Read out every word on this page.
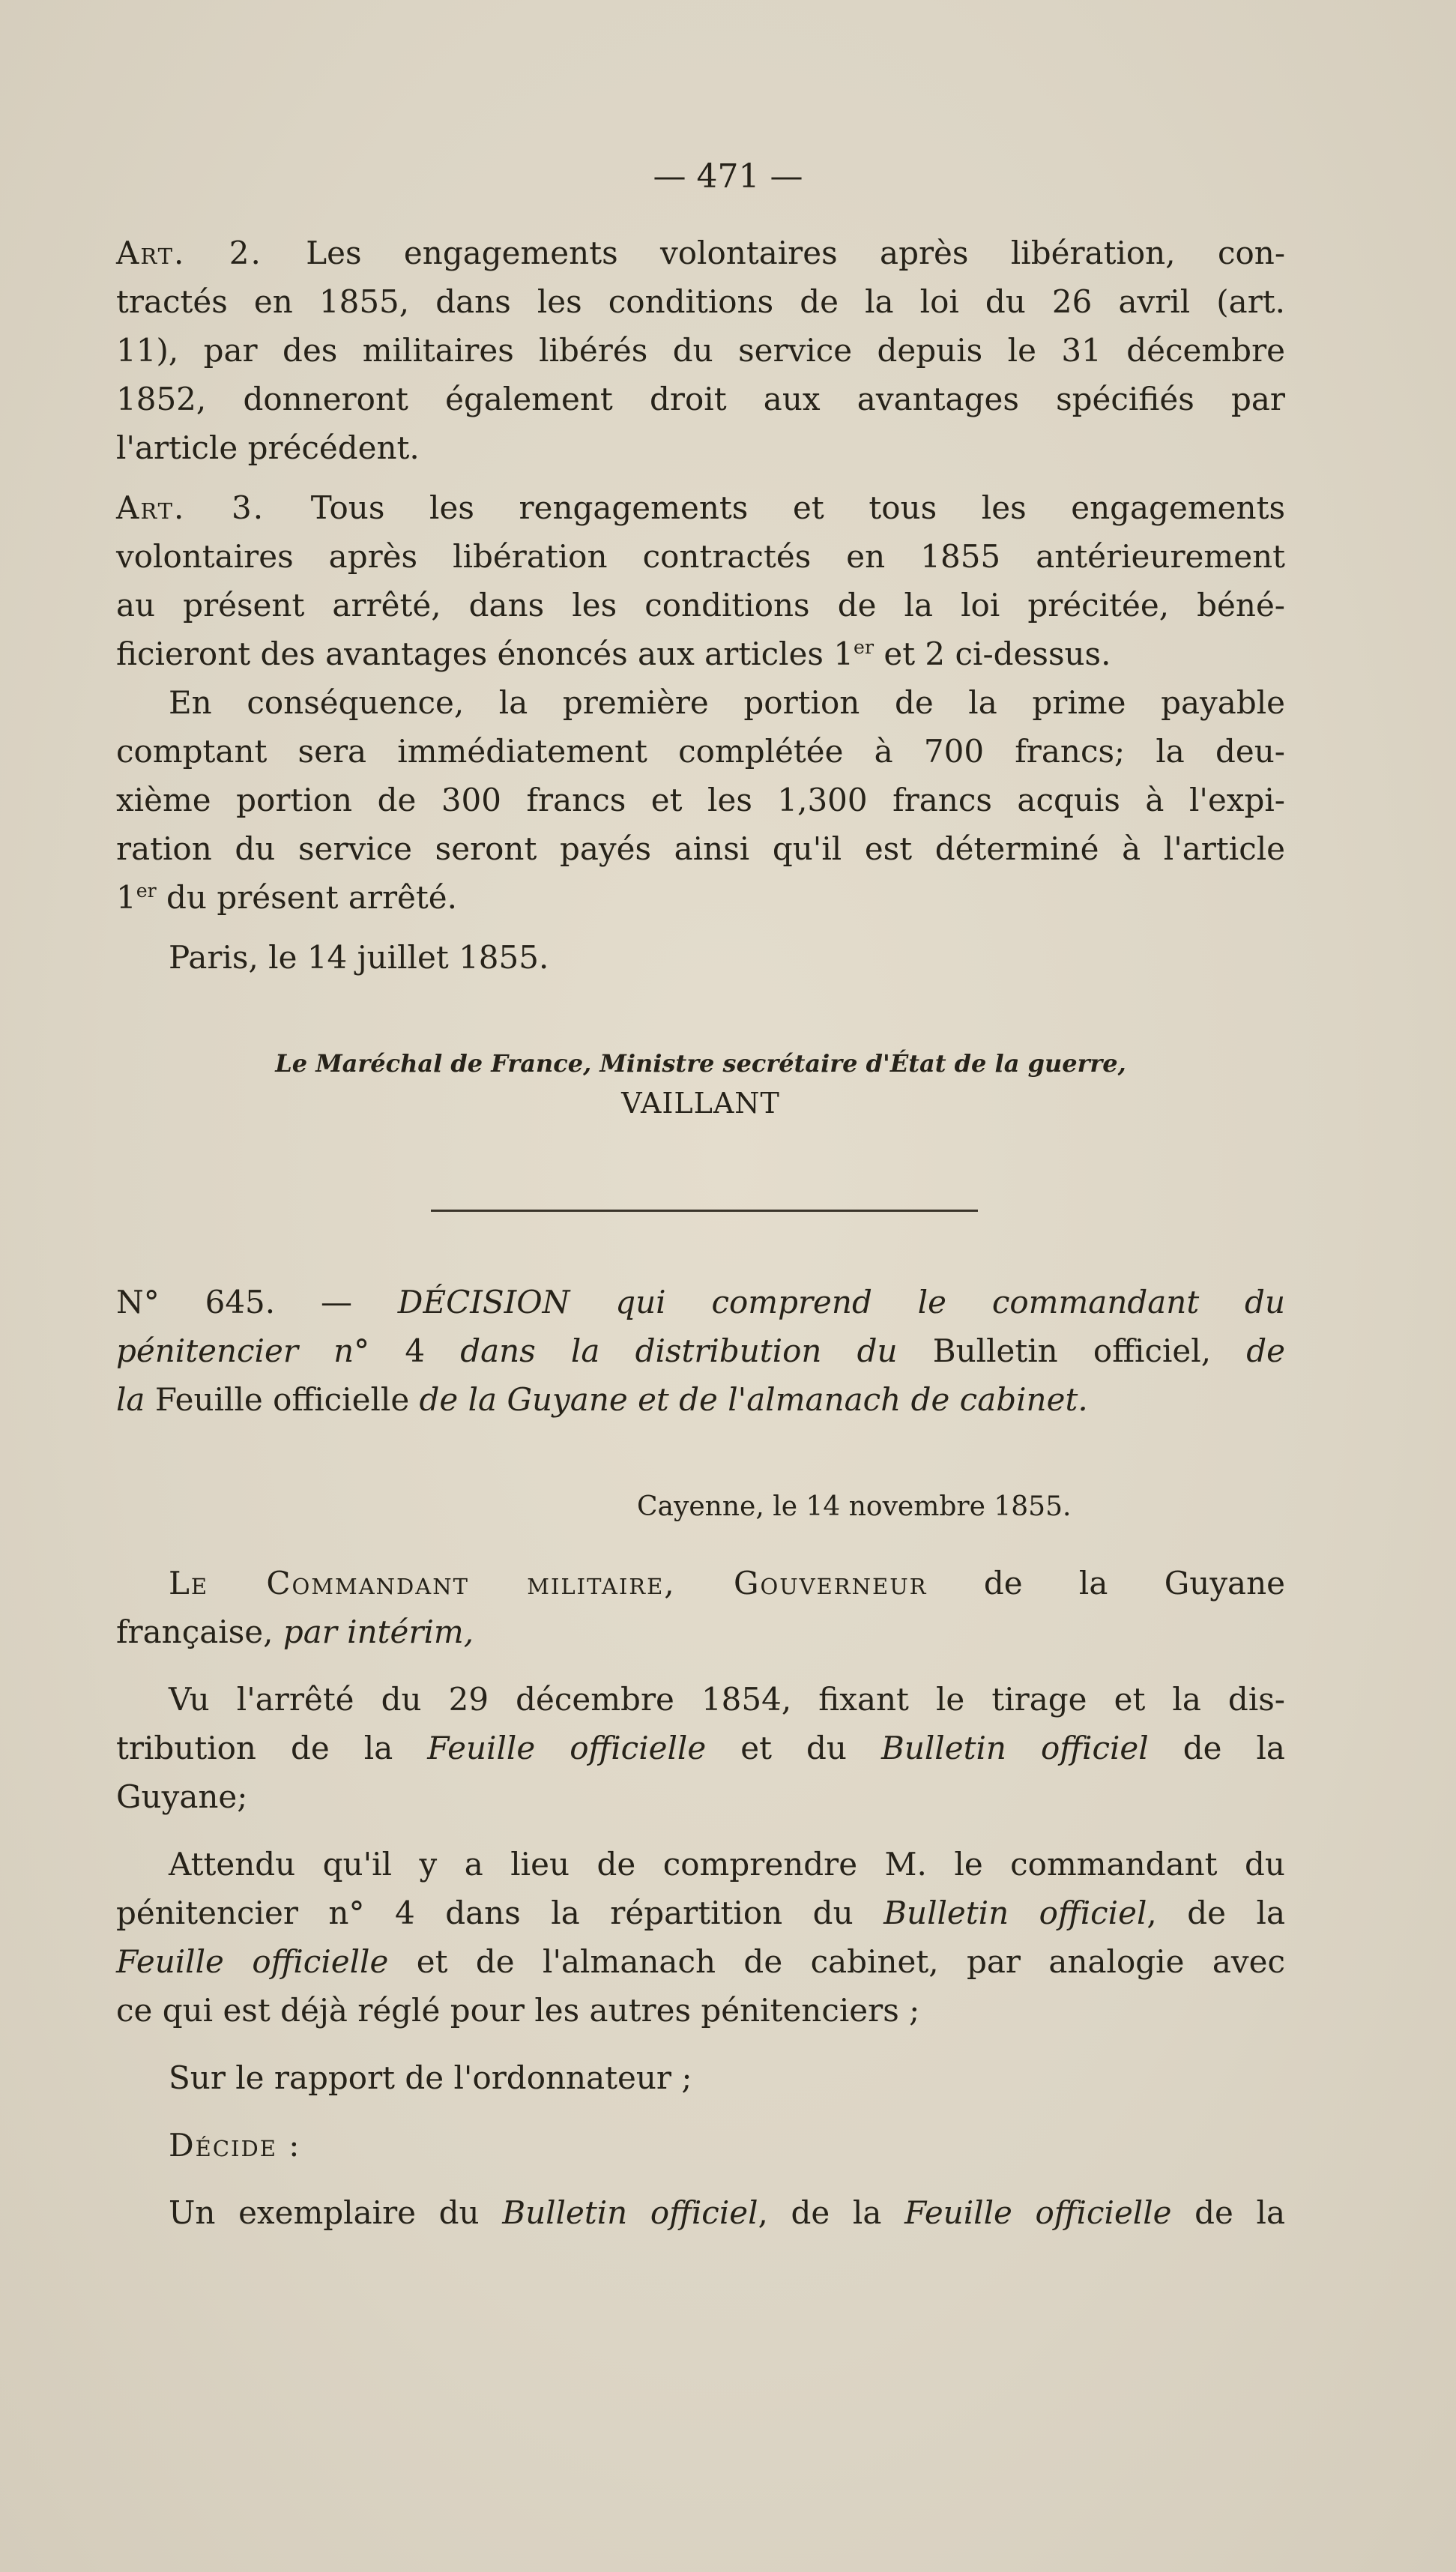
— 471 —
Art. 2. Les engagements volontaires après libération, con-
tractés en 1855, dans les conditions de la loi du 26 avril (art.
11), par des militaires libérés du service depuis le 31 décembre
1852, donneront également droit aux avantages spécifiés par
l'article précédent.
Art. 3. Tous les rengagements et tous les engagements
volontaires après libération contractés en 1855 antérieurement
au présent arrêté, dans les conditions de la loi précitée, béné-
ficieront des avantages énoncés aux articles 1er et 2 ci-dessus.
En conséquence, la première portion de la prime payable
comptant sera immédiatement complétée à 700 francs; la deu-
xième portion de 300 francs et les 1,300 francs acquis à l'expi-
ration du service seront payés ainsi qu'il est déterminé à l'article
1er du présent arrêté.
Paris, le 14 juillet 1855.
Le Maréchal de France, Ministre secrétaire d'État de la guerre,
VAILLANT
N° 645. — DÉCISION qui comprend le commandant du
pénitencier n° 4 dans la distribution du Bulletin officiel, de
la Feuille officielle de la Guyane et de l'almanach de cabinet.
Cayenne, le 14 novembre 1855.
Le Commandant militaire, Gouverneur de la Guyane
française, par intérim,
Vu l'arrêté du 29 décembre 1854, fixant le tirage et la dis-
tribution de la Feuille officielle et du Bulletin officiel de la
Guyane;
Attendu qu'il y a lieu de comprendre M. le commandant du
pénitencier n° 4 dans la répartition du Bulletin officiel, de la
Feuille officielle et de l'almanach de cabinet, par analogie avec
ce qui est déjà réglé pour les autres pénitenciers ;
Sur le rapport de l'ordonnateur ;
Décide :
Un exemplaire du Bulletin officiel, de la Feuille officielle de la
